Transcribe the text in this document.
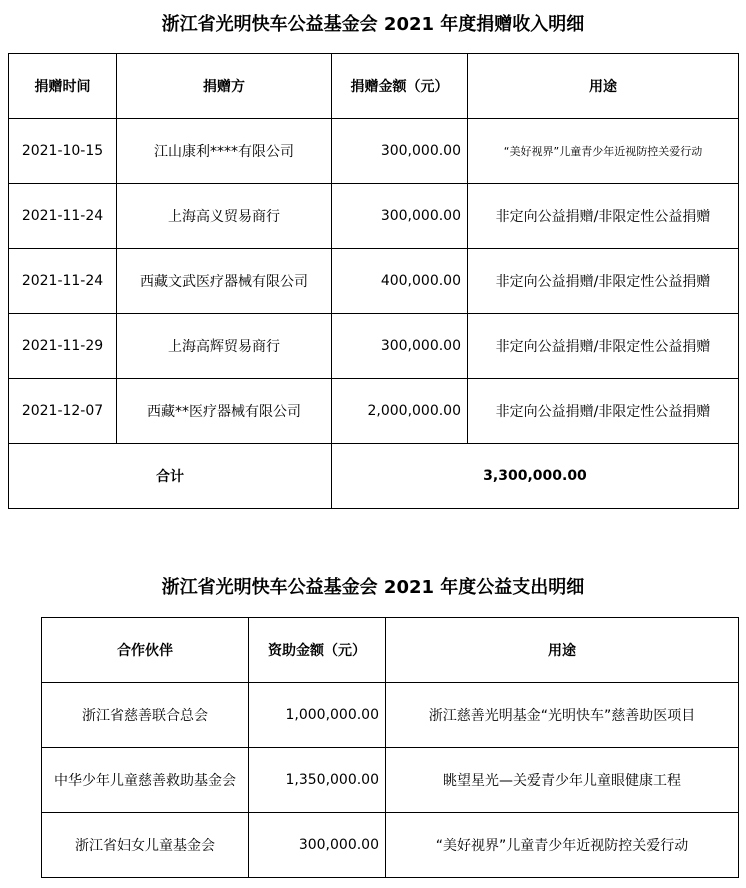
浙江省光明快车公益基金会 2021 年度捐赠收入明细
捐赠时间	捐赠方	捐赠金额（元）	用途
2021-10-15	江山康利****有限公司	300,000.00	“美好视界”儿童青少年近视防控关爱行动
2021-11-24	上海高义贸易商行	300,000.00	非定向公益捐赠/非限定性公益捐赠
2021-11-24	西藏文武医疗器械有限公司	400,000.00	非定向公益捐赠/非限定性公益捐赠
2021-11-29	上海高辉贸易商行	300,000.00	非定向公益捐赠/非限定性公益捐赠
2021-12-07	西藏**医疗器械有限公司	2,000,000.00	非定向公益捐赠/非限定性公益捐赠
合计		3,300,000.00	
浙江省光明快车公益基金会 2021 年度公益支出明细
合作伙伴	资助金额（元）	用途
浙江省慈善联合总会	1,000,000.00	浙江慈善光明基金“光明快车”慈善助医项目
中华少年儿童慈善救助基金会	1,350,000.00	眺望星光—关爱青少年儿童眼健康工程
浙江省妇女儿童基金会	300,000.00	“美好视界”儿童青少年近视防控关爱行动
